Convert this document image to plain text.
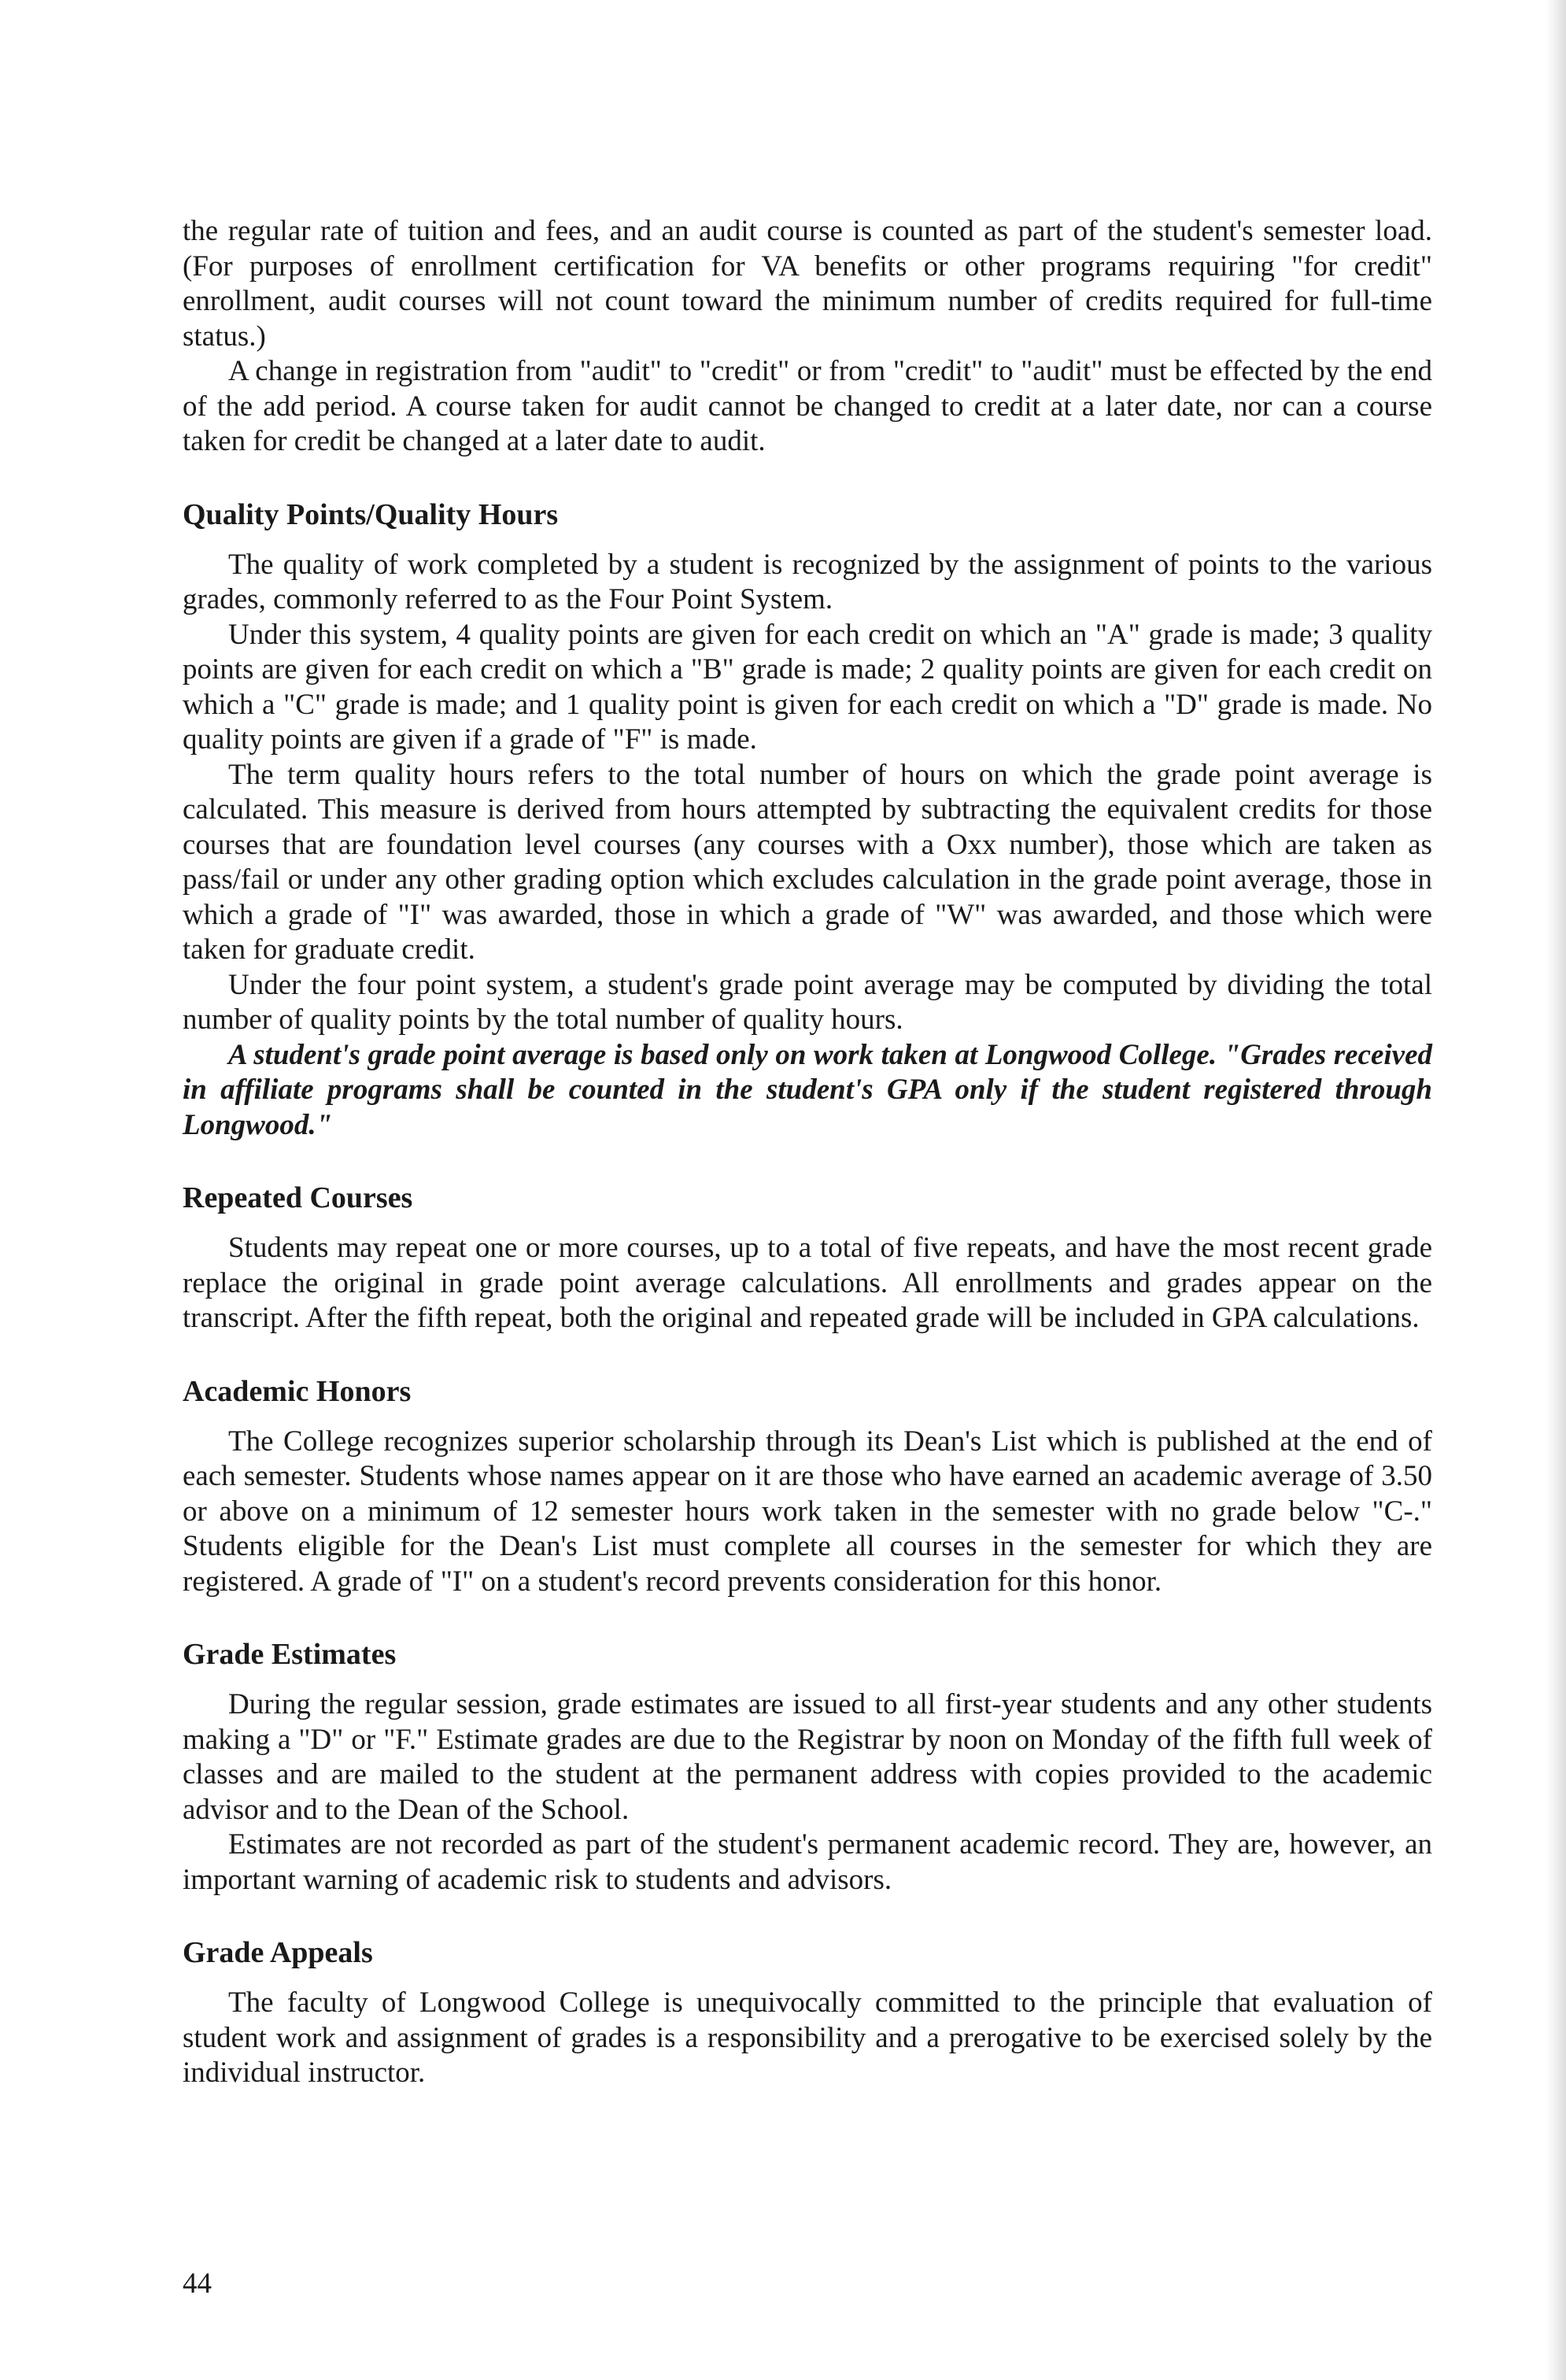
the regular rate of tuition and fees, and an audit course is counted as part of the student's semester load. (For purposes of enrollment certification for VA benefits or other programs requiring "for credit" enrollment, audit courses will not count toward the minimum number of credits required for full-time status.)

A change in registration from "audit" to "credit" or from "credit" to "audit" must be effected by the end of the add period. A course taken for audit cannot be changed to credit at a later date, nor can a course taken for credit be changed at a later date to audit.

Quality Points/Quality Hours

The quality of work completed by a student is recognized by the assignment of points to the various grades, commonly referred to as the Four Point System.

Under this system, 4 quality points are given for each credit on which an "A" grade is made; 3 quality points are given for each credit on which a "B" grade is made; 2 quality points are given for each credit on which a "C" grade is made; and 1 quality point is given for each credit on which a "D" grade is made. No quality points are given if a grade of "F" is made.

The term quality hours refers to the total number of hours on which the grade point average is calculated. This measure is derived from hours attempted by subtracting the equivalent credits for those courses that are foundation level courses (any courses with a Oxx number), those which are taken as pass/fail or under any other grading option which excludes calculation in the grade point average, those in which a grade of "I" was awarded, those in which a grade of "W" was awarded, and those which were taken for graduate credit.

Under the four point system, a student's grade point average may be computed by dividing the total number of quality points by the total number of quality hours.

A student's grade point average is based only on work taken at Longwood College. "Grades received in affiliate programs shall be counted in the student's GPA only if the student registered through Longwood."

Repeated Courses

Students may repeat one or more courses, up to a total of five repeats, and have the most recent grade replace the original in grade point average calculations. All enrollments and grades appear on the transcript. After the fifth repeat, both the original and repeated grade will be included in GPA calculations.

Academic Honors

The College recognizes superior scholarship through its Dean's List which is published at the end of each semester. Students whose names appear on it are those who have earned an academic average of 3.50 or above on a minimum of 12 semester hours work taken in the semester with no grade below "C-." Students eligible for the Dean's List must complete all courses in the semester for which they are registered. A grade of "I" on a student's record prevents consideration for this honor.

Grade Estimates

During the regular session, grade estimates are issued to all first-year students and any other students making a "D" or "F." Estimate grades are due to the Registrar by noon on Monday of the fifth full week of classes and are mailed to the student at the permanent address with copies provided to the academic advisor and to the Dean of the School.

Estimates are not recorded as part of the student's permanent academic record. They are, however, an important warning of academic risk to students and advisors.

Grade Appeals

The faculty of Longwood College is unequivocally committed to the principle that evaluation of student work and assignment of grades is a responsibility and a prerogative to be exercised solely by the individual instructor.

44
